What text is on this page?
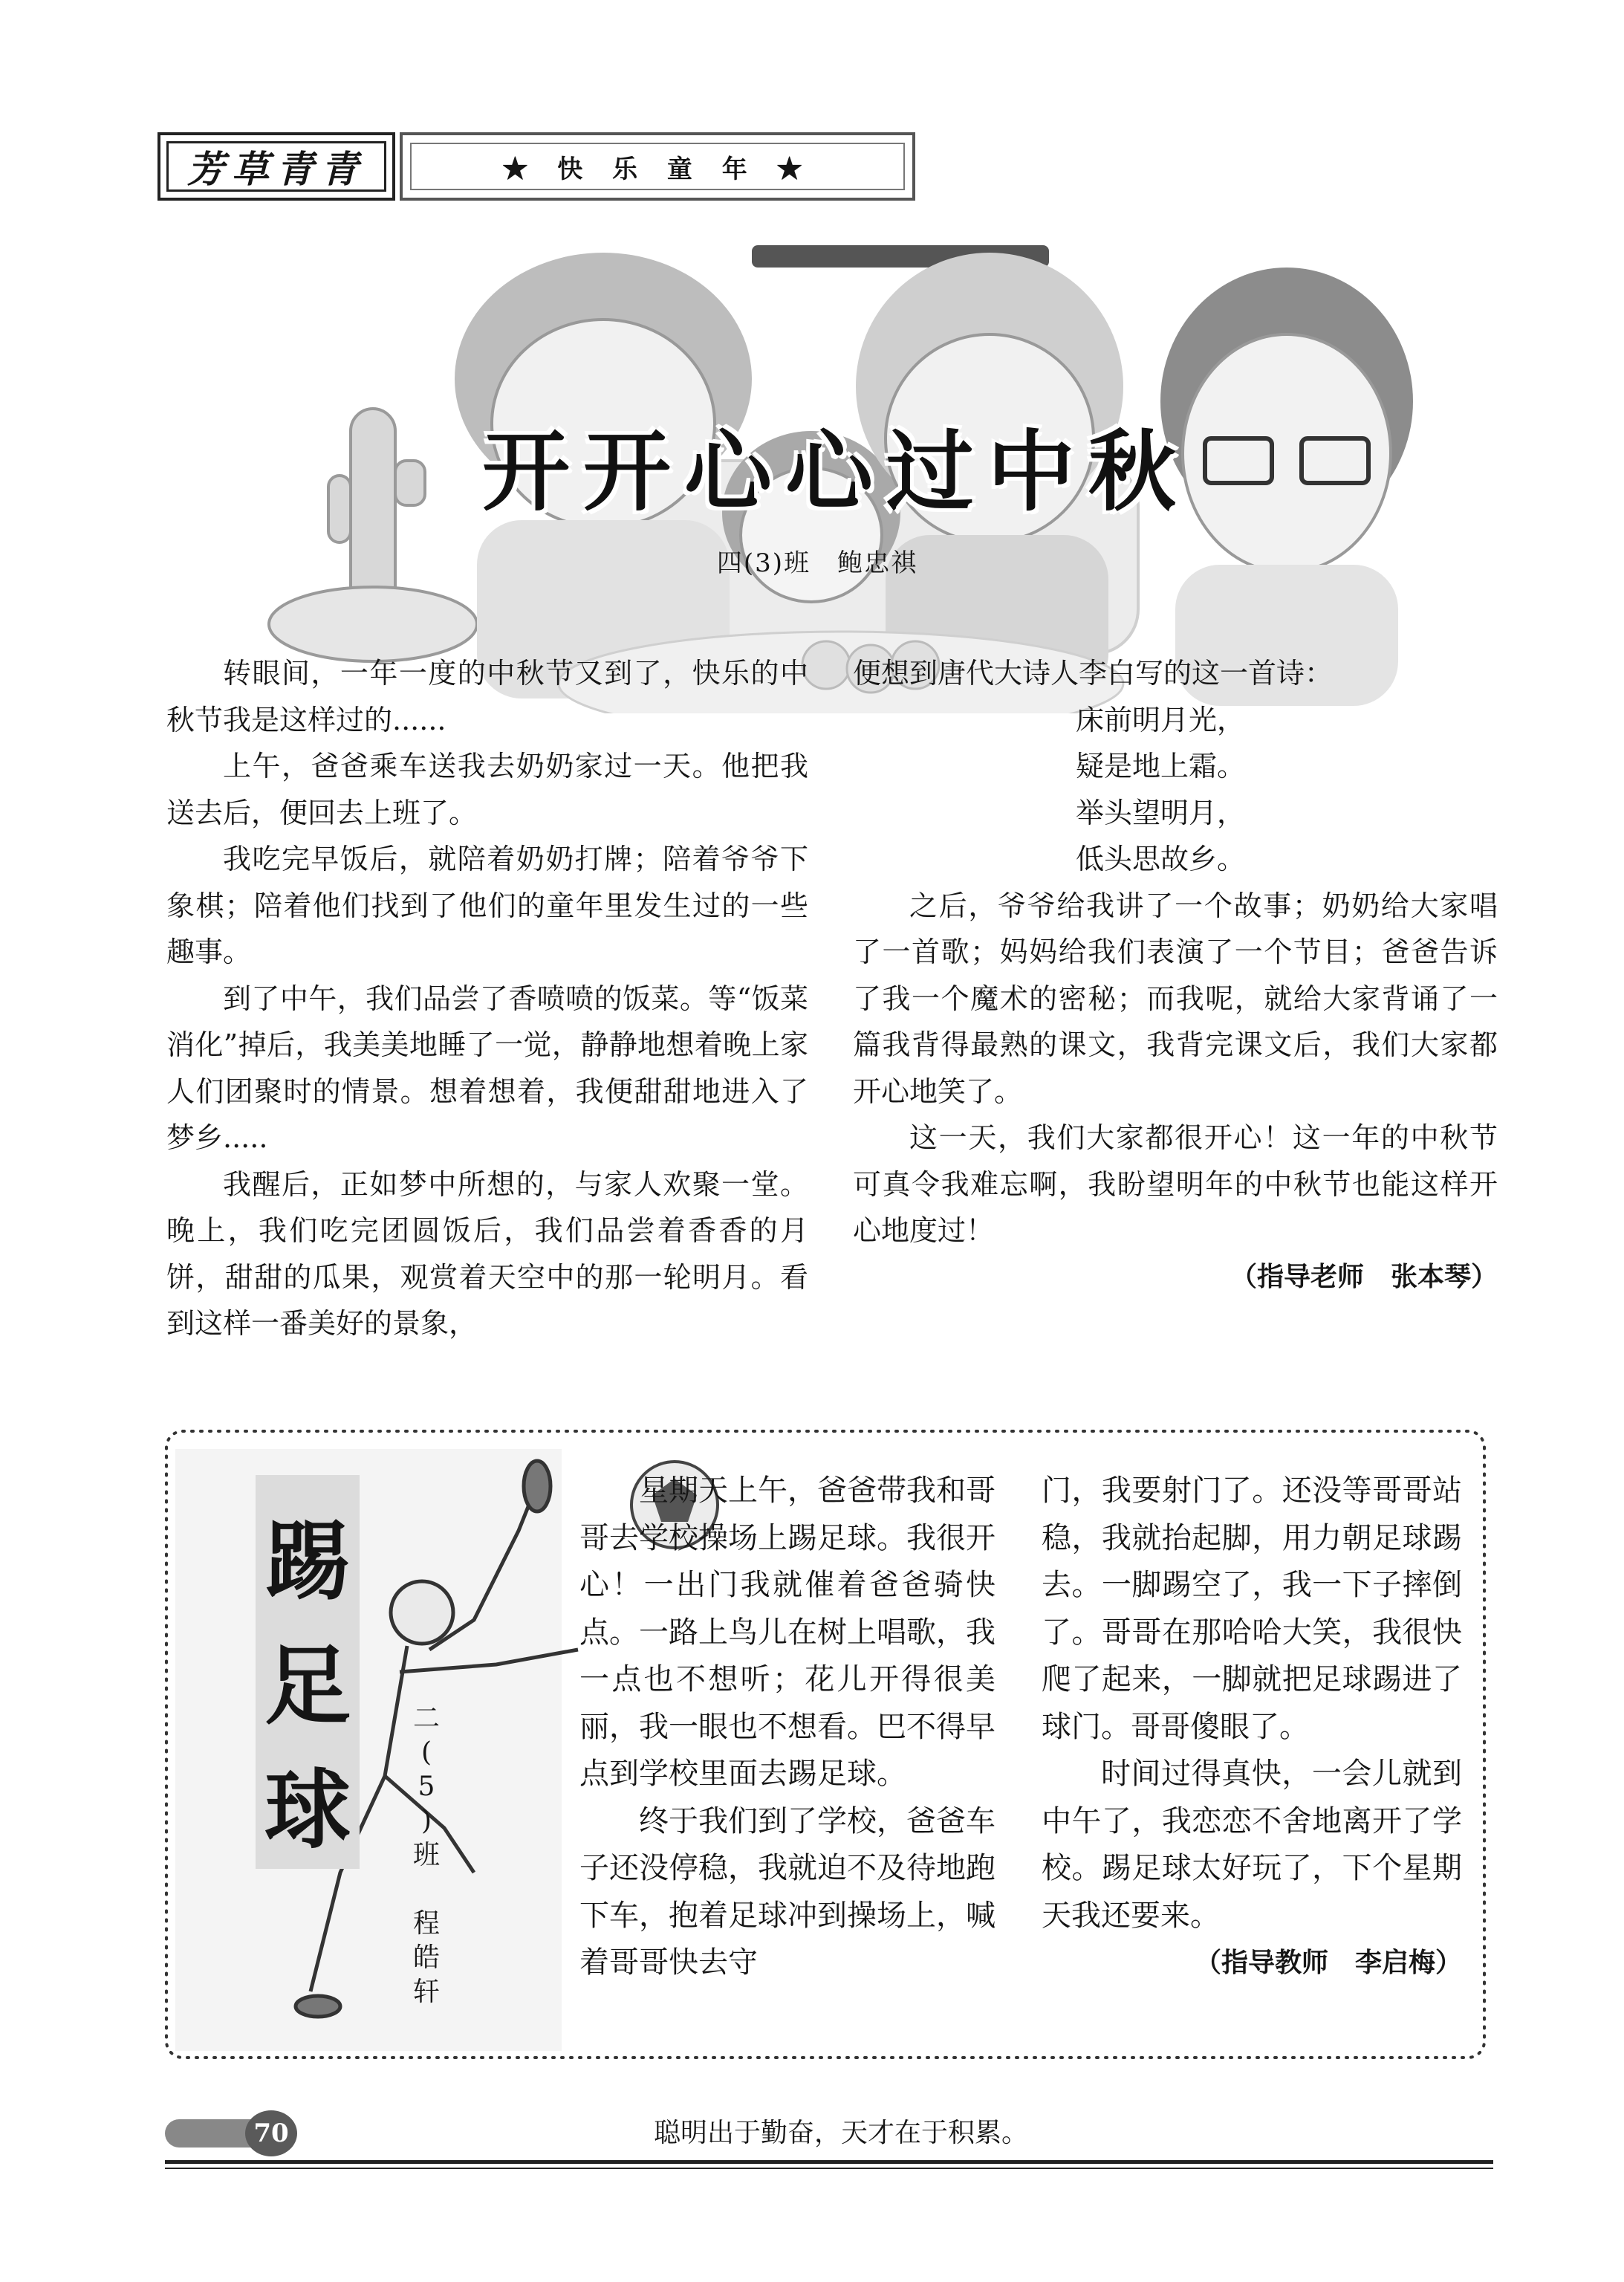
芳草青青	★ 快 乐 童 年 ★
开开心心过中秋
四(3)班　鲍忠祺

转眼间，一年一度的中秋节又到了，快乐的中秋节我是这样过的......

上午，爸爸乘车送我去奶奶家过一天。他把我送去后，便回去上班了。

我吃完早饭后，就陪着奶奶打牌；陪着爷爷下象棋；陪着他们找到了他们的童年里发生过的一些趣事。

到了中午，我们品尝了香喷喷的饭菜。等“饭菜消化”掉后，我美美地睡了一觉，静静地想着晚上家人们团聚时的情景。想着想着，我便甜甜地进入了梦乡.....

我醒后，正如梦中所想的，与家人欢聚一堂。晚上，我们吃完团圆饭后，我们品尝着香香的月饼，甜甜的瓜果，观赏着天空中的那一轮明月。看到这样一番美好的景象，

便想到唐代大诗人李白写的这一首诗：

床前明月光，

疑是地上霜。

举头望明月，

低头思故乡。

之后，爷爷给我讲了一个故事；奶奶给大家唱了一首歌；妈妈给我们表演了一个节目；爸爸告诉了我一个魔术的密秘；而我呢，就给大家背诵了一篇我背得最熟的课文，我背完课文后，我们大家都开心地笑了。

这一天，我们大家都很开心！这一年的中秋节可真令我难忘啊，我盼望明年的中秋节也能这样开心地度过！

（指导老师　张本琴）

踢
足
球
二
(
5
)
班

程
皓
轩

星期天上午，爸爸带我和哥哥去学校操场上踢足球。我很开心！一出门我就催着爸爸骑快点。一路上鸟儿在树上唱歌，我一点也不想听；花儿开得很美丽，我一眼也不想看。巴不得早点到学校里面去踢足球。

终于我们到了学校，爸爸车子还没停稳，我就迫不及待地跑下车，抱着足球冲到操场上，喊着哥哥快去守

门，我要射门了。还没等哥哥站稳，我就抬起脚，用力朝足球踢去。一脚踢空了，我一下子摔倒了。哥哥在那哈哈大笑，我很快爬了起来，一脚就把足球踢进了球门。哥哥傻眼了。

时间过得真快，一会儿就到中午了，我恋恋不舍地离开了学校。踢足球太好玩了，下个星期天我还要来。

（指导教师　李启梅）

70	聪明出于勤奋，天才在于积累。
